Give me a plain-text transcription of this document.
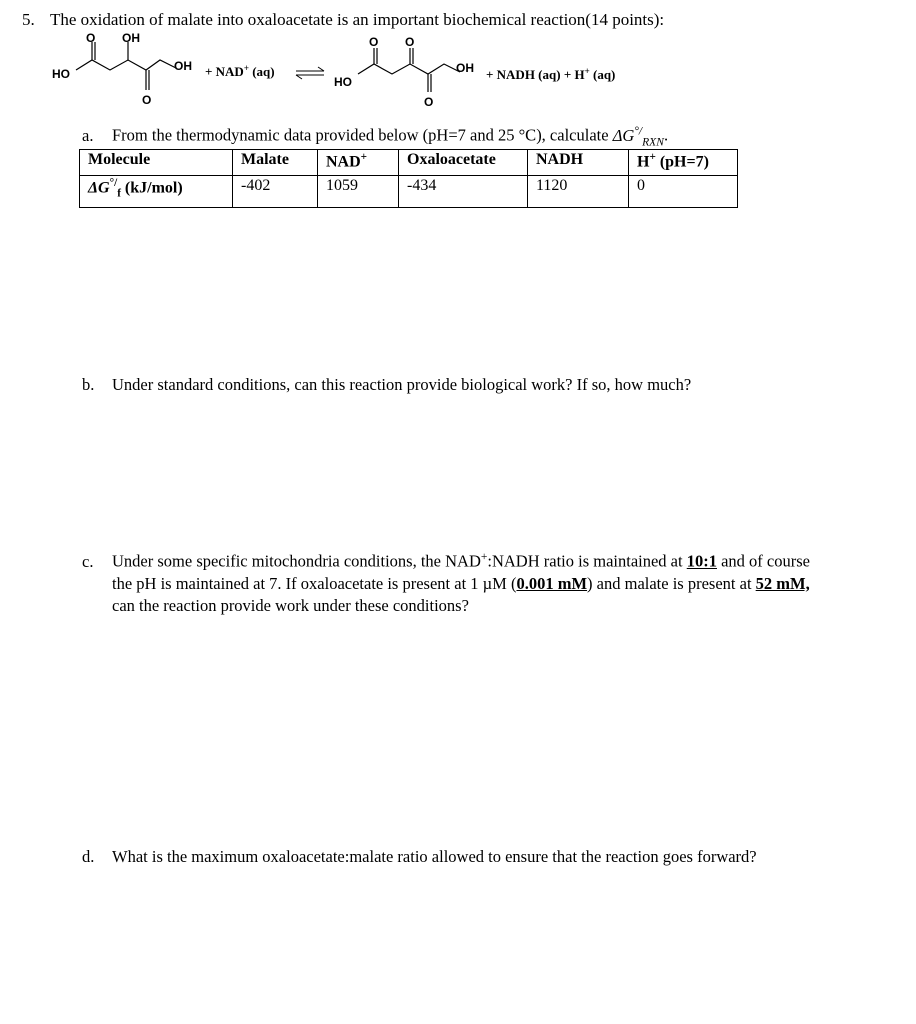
5. The oxidation of malate into oxaloacetate is an important biochemical reaction(14 points):
O OH
HO
OH
O
+ NAD+ (aq)
O O
HO
OH
O
+ NADH (aq) + H+ (aq)
a. From the thermodynamic data provided below (pH=7 and 25 °C), calculate $\Delta G^{^\circ/}_{RXN}$.
Molecule	Malate	NAD+	Oxaloacetate	NADH	H+ (pH=7)
$\Delta G^{^\circ/}_f$ (kJ/mol)	-402	1059	-434	1120	0
b. Under standard conditions, can this reaction provide biological work? If so, how much?
c. Under some specific mitochondria conditions, the NAD+:NADH ratio is maintained at 10:1 and of course
the pH is maintained at 7. If oxaloacetate is present at 1 µM (0.001 mM) and malate is present at 52 mM,
can the reaction provide work under these conditions?
d. What is the maximum oxaloacetate:malate ratio allowed to ensure that the reaction goes forward?
